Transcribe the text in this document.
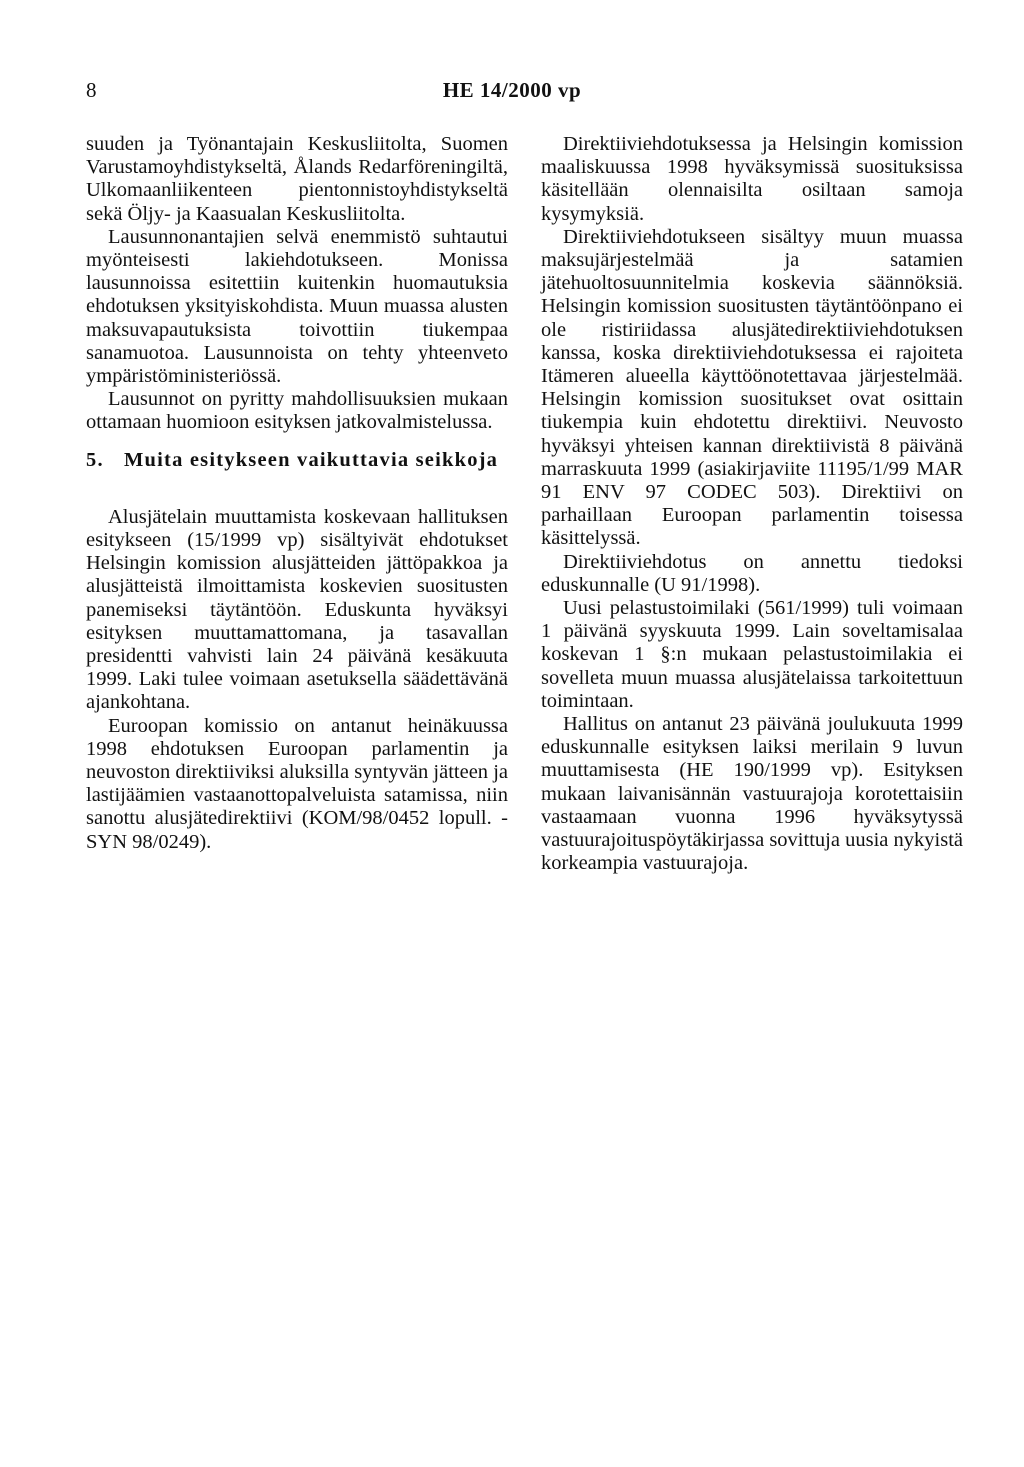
8	HE 14/2000 vp

suuden ja Työnantajain Keskusliitolta, Suomen Varustamoyhdistykseltä, Ålands Redarföreningiltä, Ulkomaanliikenteen pientonnistoyhdistykseltä sekä Öljy- ja Kaasualan Keskusliitolta.

Lausunnonantajien selvä enemmistö suhtautui myönteisesti lakiehdotukseen. Monissa lausunnoissa esitettiin kuitenkin huomautuksia ehdotuksen yksityiskohdista. Muun muassa alusten maksuvapautuksista toivottiin tiukempaa sanamuotoa. Lausunnoista on tehty yhteenveto ympäristöministeriössä.

Lausunnot on pyritty mahdollisuuksien mukaan ottamaan huomioon esityksen jatkovalmistelussa.

5. Muita esitykseen vaikuttavia seikkoja

Alusjätelain muuttamista koskevaan hallituksen esitykseen (15/1999 vp) sisältyivät ehdotukset Helsingin komission alusjätteiden jättöpakkoa ja alusjätteistä ilmoittamista koskevien suositusten panemiseksi täytäntöön. Eduskunta hyväksyi esityksen muuttamattomana, ja tasavallan presidentti vahvisti lain 24 päivänä kesäkuuta 1999. Laki tulee voimaan asetuksella säädettävänä ajankohtana.

Euroopan komissio on antanut heinäkuussa 1998 ehdotuksen Euroopan parlamentin ja neuvoston direktiiviksi aluksilla syntyvän jätteen ja lastijäämien vastaanottopalveluista satamissa, niin sanottu alusjätedirektiivi (KOM/98/0452 lopull. - SYN 98/0249).

Direktiiviehdotuksessa ja Helsingin komission maaliskuussa 1998 hyväksymissä suosituksissa käsitellään olennaisilta osiltaan samoja kysymyksiä.

Direktiiviehdotukseen sisältyy muun muassa maksujärjestelmää ja satamien jätehuoltosuunnitelmia koskevia säännöksiä. Helsingin komission suositusten täytäntöönpano ei ole ristiriidassa alusjätedirektiiviehdotuksen kanssa, koska direktiiviehdotuksessa ei rajoiteta Itämeren alueella käyttöönotettavaa järjestelmää. Helsingin komission suositukset ovat osittain tiukempia kuin ehdotettu direktiivi. Neuvosto hyväksyi yhteisen kannan direktiivistä 8 päivänä marraskuuta 1999 (asiakirjaviite 11195/1/99 MAR 91 ENV 97 CODEC 503). Direktiivi on parhaillaan Euroopan parlamentin toisessa käsittelyssä.

Direktiiviehdotus on annettu tiedoksi eduskunnalle (U 91/1998).

Uusi pelastustoimilaki (561/1999) tuli voimaan 1 päivänä syyskuuta 1999. Lain soveltamisalaa koskevan 1 §:n mukaan pelastustoimilakia ei sovelleta muun muassa alusjätelaissa tarkoitettuun toimintaan.

Hallitus on antanut 23 päivänä joulukuuta 1999 eduskunnalle esityksen laiksi merilain 9 luvun muuttamisesta (HE 190/1999 vp). Esityksen mukaan laivanisännän vastuurajoja korotettaisiin vastaamaan vuonna 1996 hyväksytyssä vastuurajoituspöytäkirjassa sovittuja uusia nykyistä korkeampia vastuurajoja.
